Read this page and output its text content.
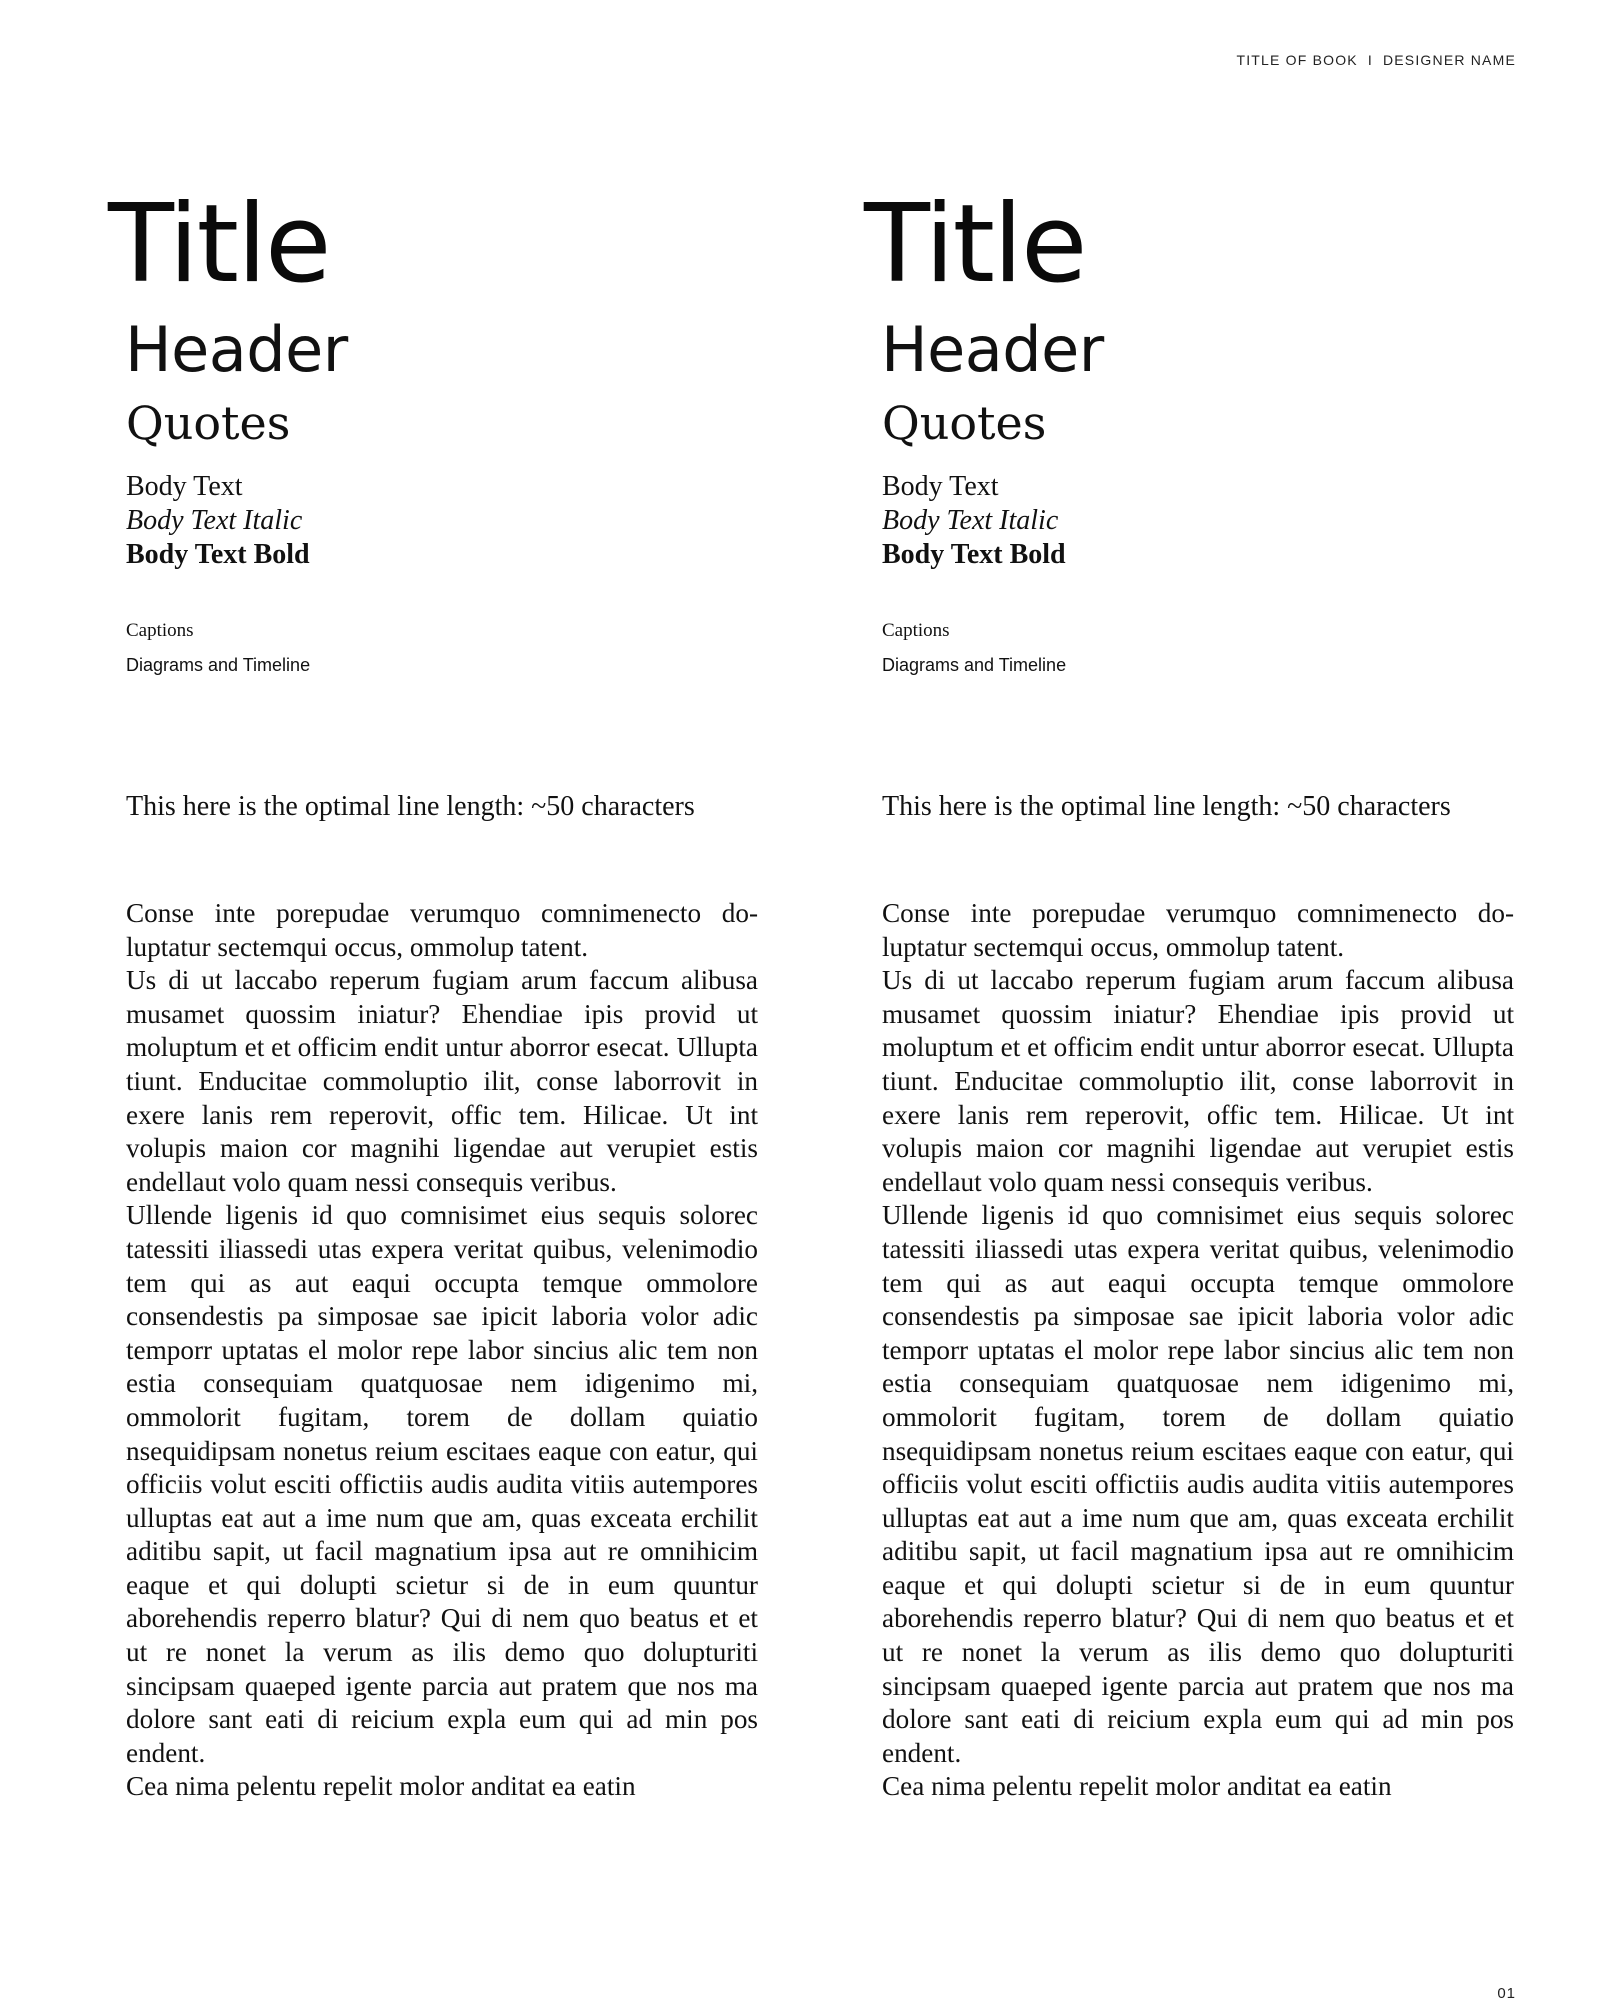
TITLE OF BOOK I DESIGNER NAME
Title
Header
Quotes
Body Text
Body Text Italic
Body Text Bold
Captions
Diagrams and Timeline
Title
Header
Quotes
Body Text
Body Text Italic
Body Text Bold
Captions
Diagrams and Timeline
This here is the optimal line length: ~50 characters	This here is the optimal line length: ~50 characters

Conse inte porepudae verumquo comnimenecto doluptatur sectemqui occus, ommolup tatent.

Us di ut laccabo reperum fugiam arum faccum alibusa musamet quossim iniatur? Ehendiae ipis provid ut moluptum et et officim endit untur aborror esecat. Ullupta tiunt. Enducitae commoluptio ilit, conse laborrovit in exere lanis rem reperovit, offic tem. Hilicae. Ut int volupis maion cor magnihi ligendae aut verupiet estis endellaut volo quam nessi consequis veribus.

Ullende ligenis id quo comnisimet eius sequis solorec tatessiti iliassedi utas expera veritat quibus, velenimodio tem qui as aut eaqui occupta temque ommolore consendestis pa simposae sae ipicit laboria volor adic temporr uptatas el molor repe labor sincius alic tem non estia consequiam quatquosae nem idigenimo mi, ommolorit fugitam, torem de dollam quiatio nsequidipsam nonetus reium escitaes eaque con eatur, qui officiis volut esciti offictiis audis audita vitiis autempores ulluptas eat aut a ime num que am, quas exceata erchilit aditibu sapit, ut facil magnatium ipsa aut re omnihicim eaque et qui dolupti scietur si de in eum quuntur aborehendis reperro blatur? Qui di nem quo beatus et et ut re nonet la verum as ilis demo quo dolupturiti sincipsam quaeped igente parcia aut pratem que nos ma dolore sant eati di reicium expla eum qui ad min pos endent.

Cea nima pelentu repelit molor anditat ea eatin

Conse inte porepudae verumquo comnimenecto doluptatur sectemqui occus, ommolup tatent.

Us di ut laccabo reperum fugiam arum faccum alibusa musamet quossim iniatur? Ehendiae ipis provid ut moluptum et et officim endit untur aborror esecat. Ullupta tiunt. Enducitae commoluptio ilit, conse laborrovit in exere lanis rem reperovit, offic tem. Hilicae. Ut int volupis maion cor magnihi ligendae aut verupiet estis endellaut volo quam nessi consequis veribus.

Ullende ligenis id quo comnisimet eius sequis solorec tatessiti iliassedi utas expera veritat quibus, velenimodio tem qui as aut eaqui occupta temque ommolore consendestis pa simposae sae ipicit laboria volor adic temporr uptatas el molor repe labor sincius alic tem non estia consequiam quatquosae nem idigenimo mi, ommolorit fugitam, torem de dollam quiatio nsequidipsam nonetus reium escitaes eaque con eatur, qui officiis volut esciti offictiis audis audita vitiis autempores ulluptas eat aut a ime num que am, quas exceata erchilit aditibu sapit, ut facil magnatium ipsa aut re omnihicim eaque et qui dolupti scietur si de in eum quuntur aborehendis reperro blatur? Qui di nem quo beatus et et ut re nonet la verum as ilis demo quo dolupturiti sincipsam quaeped igente parcia aut pratem que nos ma dolore sant eati di reicium expla eum qui ad min pos endent.

Cea nima pelentu repelit molor anditat ea eatin

01
